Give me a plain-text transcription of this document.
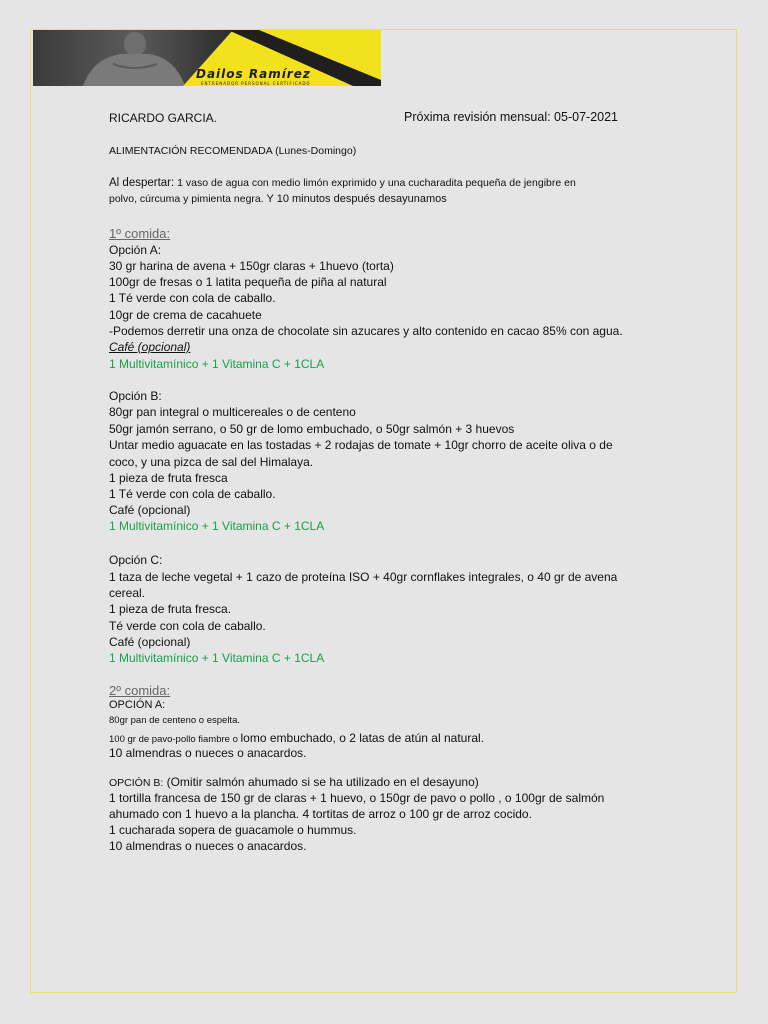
Dailos Ramírez
ENTRENADOR PERSONAL CERTIFICADO
RICARDO GARCIA.	Próxima revisión mensual: 05-07-2021
ALIMENTACIÓN RECOMENDADA (Lunes-Domingo)
Al despertar: 1 vaso de agua con medio limón exprimido y una cucharadita pequeña de jengibre en
polvo, cúrcuma y pimienta negra. Y 10 minutos después desayunamos
1º comida:
Opción A:
30 gr harina de avena + 150gr claras + 1huevo (torta)
100gr de fresas o 1 latita pequeña de piña al natural
1 Té verde con cola de caballo.
10gr de crema de cacahuete
-Podemos derretir una onza de chocolate sin azucares y alto contenido en cacao 85% con agua.
Café (opcional)
1 Multivitamínico + 1 Vitamina C + 1CLA
Opción B:
80gr pan integral o multicereales o de centeno
50gr jamón serrano, o 50 gr de lomo embuchado, o 50gr salmón + 3 huevos
Untar medio aguacate en las tostadas + 2 rodajas de tomate + 10gr chorro de aceite oliva o de
coco, y una pizca de sal del Himalaya.
1 pieza de fruta fresca
1 Té verde con cola de caballo.
Café (opcional)
1 Multivitamínico + 1 Vitamina C + 1CLA
Opción C:
1 taza de leche vegetal + 1 cazo de proteína ISO + 40gr cornflakes integrales, o 40 gr de avena
cereal.
1 pieza de fruta fresca.
Té verde con cola de caballo.
Café (opcional)
1 Multivitamínico + 1 Vitamina C + 1CLA
2º comida:
OPCIÓN A:
80gr pan de centeno o espelta.
100 gr de pavo-pollo fiambre o lomo embuchado, o 2 latas de atún al natural.
10 almendras o nueces o anacardos.
OPCIÓN B: (Omitir salmón ahumado si se ha utilizado en el desayuno)
1 tortilla francesa de 150 gr de claras + 1 huevo, o 150gr de pavo o pollo , o 100gr de salmón
ahumado con 1 huevo a la plancha. 4 tortitas de arroz o 100 gr de arroz cocido.
1 cucharada sopera de guacamole o hummus.
10 almendras o nueces o anacardos.
